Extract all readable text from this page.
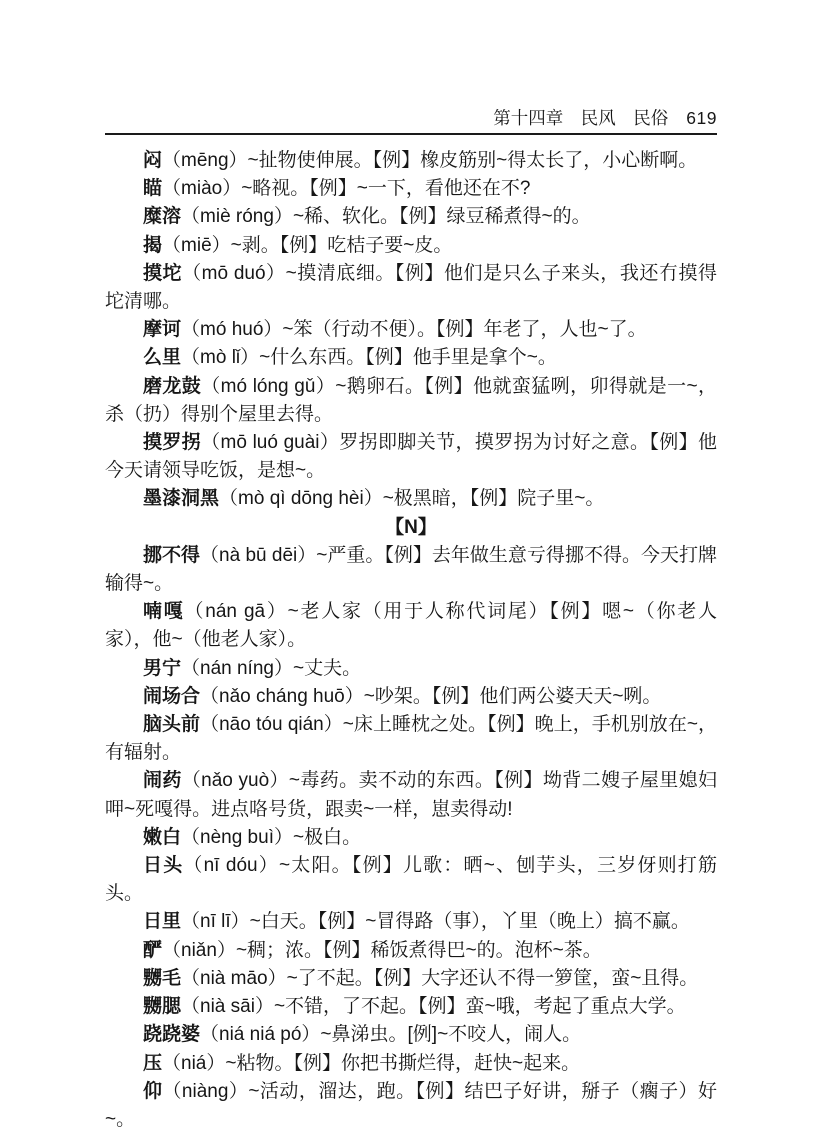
第十四章　民风　民俗 619

闷（mēng）~扯物使伸展。【例】橡皮筋别~得太长了，小心断啊。

瞄（miào）~略视。【例】~一下，看他还在不?

糜溶（miè róng）~稀、软化。【例】绿豆稀煮得~的。

揭（miē）~剥。【例】吃桔子要~皮。

摸坨（mō duó）~摸清底细。【例】他们是只么子来头，我还冇摸得坨清哪。

摩诃（mó huó）~笨（行动不便）。【例】年老了，人也~了。

么里（mò lǐ）~什么东西。【例】他手里是拿个~。

磨龙鼓（mó lóng gǔ）~鹅卵石。【例】他就蛮猛咧，卯得就是一~，杀（扔）得别个屋里去得。

摸罗拐（mō luó guài）罗拐即脚关节，摸罗拐为讨好之意。【例】他今天请领导吃饭，是想~。

墨漆洞黑（mò qì dōng hèi）~极黑暗，【例】院子里~。

【N】

挪不得（nà bū dēi）~严重。【例】去年做生意亏得挪不得。今天打牌输得~。

喃嘎（nán gā）~老人家（用于人称代词尾）【例】嗯~（你老人家），他~（他老人家）。

男宁（nán níng）~丈夫。

闹场合（nǎo cháng huō）~吵架。【例】他们两公婆天天~咧。

脑头前（nāo tóu qián）~床上睡枕之处。【例】晚上，手机别放在~，有辐射。

闹药（nǎo yuò）~毒药。卖不动的东西。【例】坳背二嫂子屋里媳妇呷~死嘎得。进点咯号货，跟卖~一样，崽卖得动!

嫩白（nèng buì）~极白。

日头（nī dóu）~太阳。【例】儿歌：晒~、刨芋头，三岁伢则打筋头。

日里（nī lī）~白天。【例】~冒得路（事），丫里（晚上）搞不赢。

酽（niǎn）~稠；浓。【例】稀饭煮得巴~的。泡杯~茶。

嬲毛（nià māo）~了不起。【例】大字还认不得一箩筐，蛮~且得。

嬲腮（nià sāi）~不错，了不起。【例】蛮~哦，考起了重点大学。

跷跷婆（niá niá pó）~鼻涕虫。[例]~不咬人，闹人。

压（niá）~粘物。【例】你把书撕烂得，赶快~起来。

仰（niàng）~活动，溜达，跑。【例】结巴子好讲，掰子（瘸子）好~。
